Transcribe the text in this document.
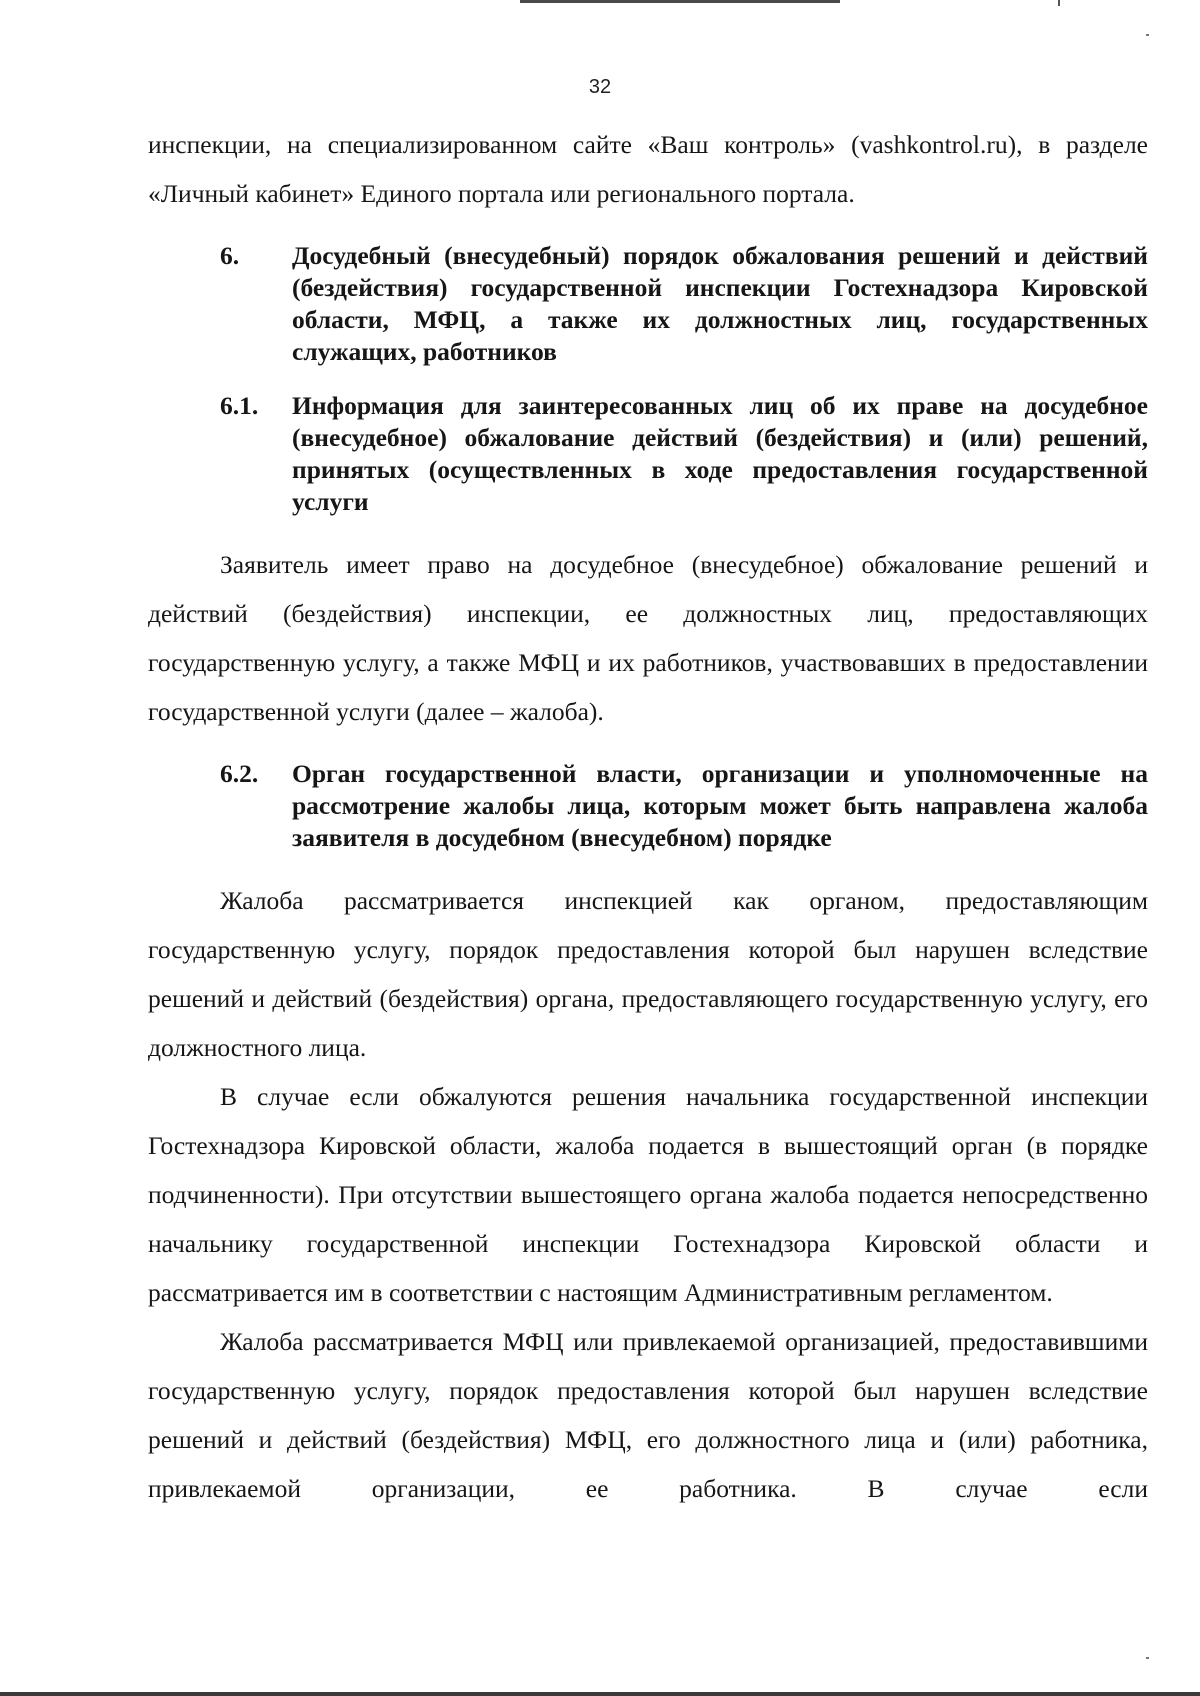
32

инспекции, на специализированном сайте «Ваш контроль» (vashkontrol.ru), в разделе «Личный кабинет» Единого портала или регионального портала.

6.	Досудебный (внесудебный) порядок обжалования решений и действий (бездействия) государственной инспекции Гостехнадзора Кировской области, МФЦ, а также их должностных лиц, государственных служащих, работников
6.1.	Информация для заинтересованных лиц об их праве на досудебное (внесудебное) обжалование действий (бездействия) и (или) решений, принятых (осуществленных в ходе предоставления государственной услуги

Заявитель имеет право на досудебное (внесудебное) обжалование решений и действий (бездействия) инспекции, ее должностных лиц, предоставляющих государственную услугу, а также МФЦ и их работников, участвовавших в предоставлении государственной услуги (далее – жалоба).

6.2.	Орган государственной власти, организации и уполномоченные на рассмотрение жалобы лица, которым может быть направлена жалоба заявителя в досудебном (внесудебном) порядке

Жалоба рассматривается инспекцией как органом, предоставляющим государственную услугу, порядок предоставления которой был нарушен вследствие решений и действий (бездействия) органа, предоставляющего государственную услугу, его должностного лица.

В случае если обжалуются решения начальника государственной инспекции Гостехнадзора Кировской области, жалоба подается в вышестоящий орган (в порядке подчиненности). При отсутствии вышестоящего органа жалоба подается непосредственно начальнику государственной инспекции Гостехнадзора Кировской области и рассматривается им в соответствии с настоящим Административным регламентом.

Жалоба рассматривается МФЦ или привлекаемой организацией, предоставившими государственную услугу, порядок предоставления которой был нарушен вследствие решений и действий (бездействия) МФЦ, его должностного лица и (или) работника, привлекаемой организации, ее работника. В случае если
